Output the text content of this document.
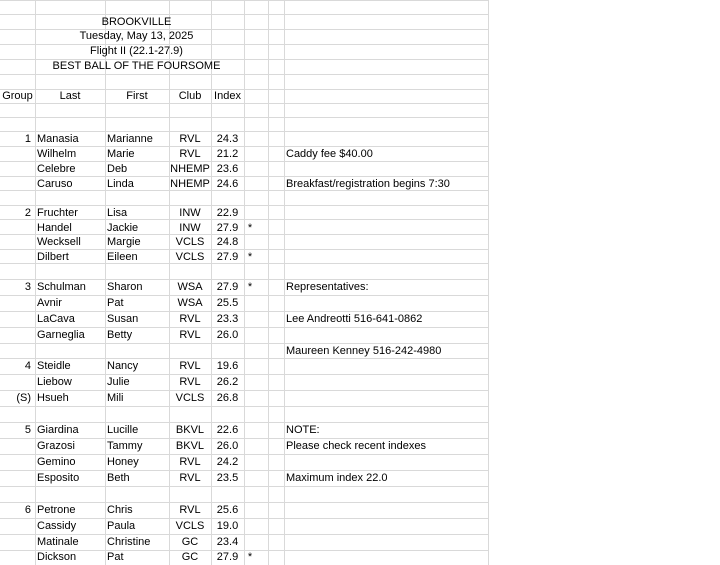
BROOKVILLE
Tuesday, May 13, 2025
Flight II (22.1-27.9)
BEST BALL OF THE FOURSOME
Group	Last	First	Club	Index
1 Manasia	Marianne	RVL	24.3
Wilhelm	Marie	RVL	21.2	Caddy fee $40.00
Celebre	Deb	NHEMP 23.6
Caruso	Linda	NHEMP 24.6	Breakfast/registration begins 7:30
2 Fruchter	Lisa	INW	22.9
Handel	Jackie	INW	27.9 *
Wecksell	Margie	VCLS	24.8
Dilbert	Eileen	VCLS	27.9 *
3 Schulman	Sharon	WSA	27.9 *	Representatives:
Avnir	Pat	WSA	25.5
LaCava	Susan	RVL	23.3	Lee Andreotti 516-641-0862
Garneglia	Betty	RVL	26.0
Maureen Kenney 516-242-4980
4 Steidle	Nancy	RVL	19.6
Liebow	Julie	RVL	26.2
(S) Hsueh	Mili	VCLS	26.8
5 Giardina	Lucille	BKVL	22.6	NOTE:
Grazosi	Tammy	BKVL	26.0	Please check recent indexes
Gemino	Honey	RVL	24.2
Esposito	Beth	RVL	23.5	Maximum index 22.0
6 Petrone	Chris	RVL	25.6
Cassidy	Paula	VCLS	19.0
Matinale	Christine	GC	23.4
Dickson	Pat	GC	27.9 *
